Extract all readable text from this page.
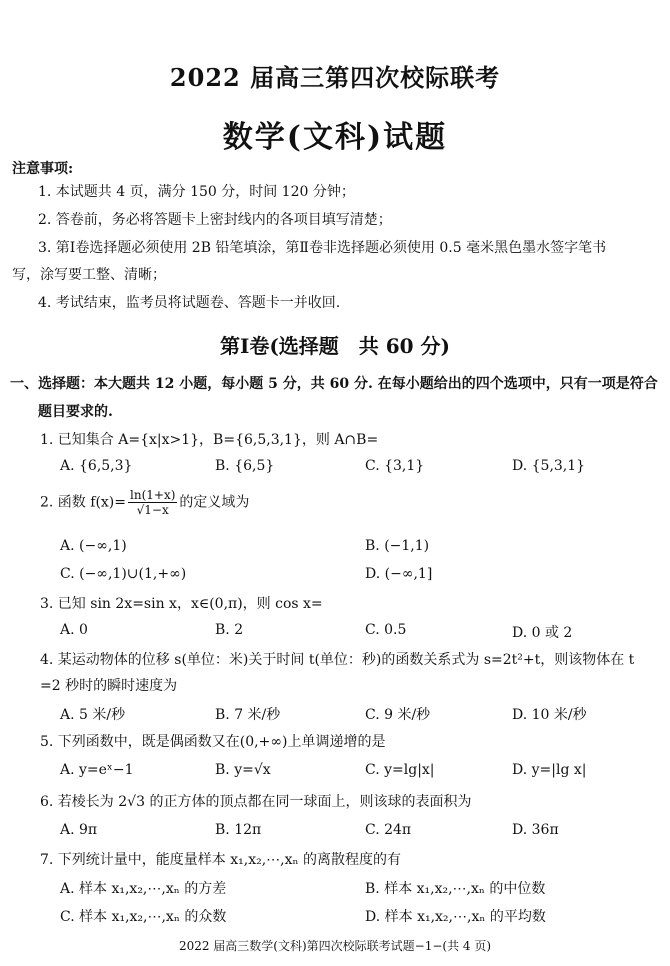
2022 届高三第四次校际联考
数学(文科)试题
注意事项:
1. 本试题共 4 页，满分 150 分，时间 120 分钟；
2. 答卷前，务必将答题卡上密封线内的各项目填写清楚；
3. 第Ⅰ卷选择题必须使用 2B 铅笔填涂，第Ⅱ卷非选择题必须使用 0.5 毫米黑色墨水签字笔书
写，涂写要工整、清晰；
4. 考试结束，监考员将试题卷、答题卡一并收回.
第Ⅰ卷(选择题　共 60 分)
一、选择题：本大题共 12 小题，每小题 5 分，共 60 分. 在每小题给出的四个选项中，只有一项是符合
题目要求的.
1. 已知集合 A={x|x>1}，B={6,5,3,1}，则 A∩B=
A. {6,5,3}	B. {6,5}	C. {3,1}	D. {5,3,1}
2. 函数 $f(x)= \frac{\ln(1+x)}{√1-x}$ 的定义域为
A. (−∞,1)	B. (−1,1)
C. (−∞,1)∪(1,+∞)	D. (−∞,1]
3. 已知 sin 2x=sin x，x∈(0,π)，则 cos x=
A. 0	B. 2	C. 0.5	D. 0 或 2
4. 某运动物体的位移 s(单位：米)关于时间 t(单位：秒)的函数关系式为 s=2t²+t，则该物体在 t
=2 秒时的瞬时速度为
A. 5 米/秒	B. 7 米/秒	C. 9 米/秒	D. 10 米/秒
5. 下列函数中，既是偶函数又在(0,+∞)上单调递增的是
A. y=eˣ−1	B. y=√x	C. y=lg|x|	D. y=|lg x|
6. 若棱长为 2√3 的正方体的顶点都在同一球面上，则该球的表面积为
A. 9π	B. 12π	C. 24π	D. 36π
7. 下列统计量中，能度量样本 x₁,x₂,⋯,xₙ 的离散程度的有
A. 样本 x₁,x₂,⋯,xₙ 的方差	B. 样本 x₁,x₂,⋯,xₙ 的中位数
C. 样本 x₁,x₂,⋯,xₙ 的众数	D. 样本 x₁,x₂,⋯,xₙ 的平均数
2022 届高三数学(文科)第四次校际联考试题−1−(共 4 页)
